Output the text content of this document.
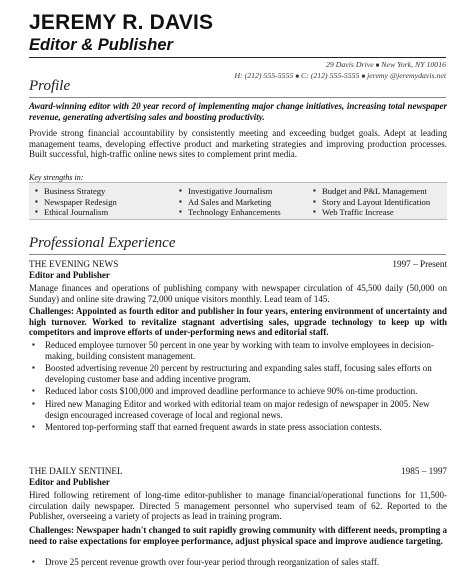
JEREMY R. DAVIS
Editor & Publisher
29 Davis Drive ■ New York, NY 10016
H: (212) 555-5555 ■ C: (212) 555-5555 ■ jeremy @jeremydavis.net
Profile
Award-winning editor with 20 year record of implementing major change initiatives, increasing total newspaper revenue, generating advertising sales and boosting productivity.
Provide strong financial accountability by consistently meeting and exceeding budget goals. Adept at leading management teams, developing effective product and marketing strategies and improving production processes. Built successful, high-traffic online news sites to complement print media.
Key strengths in:
▪ Business Strategy
▪ Newspaper Redesign
▪ Ethical Journalism
▪ Investigative Journalism
▪ Ad Sales and Marketing
▪ Technology Enhancements
▪ Budget and P&L Management
▪ Story and Layout Identification
▪ Web Traffic Increase
Professional Experience
THE EVENING NEWS	1997 – Present
Editor and Publisher
Manage finances and operations of publishing company with newspaper circulation of 45,500 daily (50,000 on Sunday) and online site drawing 72,000 unique visitors monthly. Lead team of 145.
Challenges: Appointed as fourth editor and publisher in four years, entering environment of uncertainty and high turnover. Worked to revitalize stagnant advertising sales, upgrade technology to keep up with competitors and improve efforts of under-performing news and editorial staff.
▪ Reduced employee turnover 50 percent in one year by working with team to involve employees in decision-making, building consistent management.
▪ Boosted advertising revenue 20 percent by restructuring and expanding sales staff, focusing sales efforts on developing customer base and adding incentive program.
▪ Reduced labor costs $100,000 and improved deadline performance to achieve 90% on-time production.
▪ Hired new Managing Editor and worked with editorial team on major redesign of newspaper in 2005. New design encouraged increased coverage of local and regional news.
▪ Mentored top-performing staff that earned frequent awards in state press association contests.
THE DAILY SENTINEL	1985 – 1997
Editor and Publisher
Hired following retirement of long-time editor-publisher to manage financial/operational functions for 11,500-circulation daily newspaper. Directed 5 management personnel who supervised team of 62. Reported to the Publisher, overseeing a variety of projects as lead in training program.
Challenges: Newspaper hadn't changed to suit rapidly growing community with different needs, prompting a need to raise expectations for employee performance, adjust physical space and improve audience targeting.
▪ Drove 25 percent revenue growth over four-year period through reorganization of sales staff.
